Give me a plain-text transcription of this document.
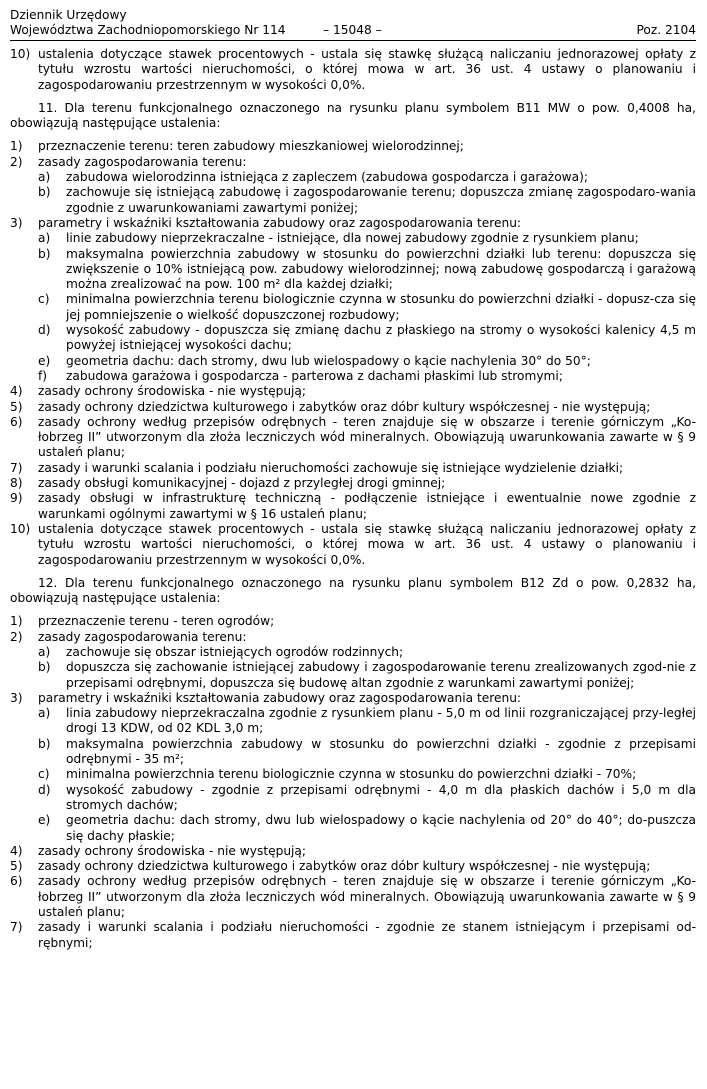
Dziennik Urzędowy
Województwa Zachodniopomorskiego Nr 114	– 15048 –	Poz. 2104
10) ustalenia dotyczące stawek procentowych - ustala się stawkę służącą naliczaniu jednorazowej opłaty z tytułu wzrostu wartości nieruchomości, o której mowa w art. 36 ust. 4 ustawy o planowaniu i zagospodarowaniu przestrzennym w wysokości 0,0%.
11. Dla terenu funkcjonalnego oznaczonego na rysunku planu symbolem B11 MW o pow. 0,4008 ha, obowiązują następujące ustalenia:
1)	przeznaczenie terenu: teren zabudowy mieszkaniowej wielorodzinnej;
2)	zasady zagospodarowania terenu:
a)	zabudowa wielorodzinna istniejąca z zapleczem (zabudowa gospodarcza i garażowa);
b)	zachowuje się istniejącą zabudowę i zagospodarowanie terenu; dopuszcza zmianę zagospodaro-wania zgodnie z uwarunkowaniami zawartymi poniżej;
3)	parametry i wskaźniki kształtowania zabudowy oraz zagospodarowania terenu:
a)	linie zabudowy nieprzekraczalne - istniejące, dla nowej zabudowy zgodnie z rysunkiem planu;
b)	maksymalna powierzchnia zabudowy w stosunku do powierzchni działki lub terenu: dopuszcza się zwiększenie o 10% istniejącą pow. zabudowy wielorodzinnej; nową zabudowę gospodarczą i garażową można zrealizować na pow. 100 m² dla każdej działki;
c)	minimalna powierzchnia terenu biologicznie czynna w stosunku do powierzchni działki - dopusz-cza się jej pomniejszenie o wielkość dopuszczonej rozbudowy;
d)	wysokość zabudowy - dopuszcza się zmianę dachu z płaskiego na stromy o wysokości kalenicy 4,5 m powyżej istniejącej wysokości dachu;
e)	geometria dachu: dach stromy, dwu lub wielospadowy o kącie nachylenia 30° do 50°;
f)	zabudowa garażowa i gospodarcza - parterowa z dachami płaskimi lub stromymi;
4)	zasady ochrony środowiska - nie występują;
5)	zasady ochrony dziedzictwa kulturowego i zabytków oraz dóbr kultury współczesnej - nie występują;
6)	zasady ochrony według przepisów odrębnych - teren znajduje się w obszarze i terenie górniczym „Ko-łobrzeg II” utworzonym dla złoża leczniczych wód mineralnych. Obowiązują uwarunkowania zawarte w § 9 ustaleń planu;
7)	zasady i warunki scalania i podziału nieruchomości zachowuje się istniejące wydzielenie działki;
8)	zasady obsługi komunikacyjnej - dojazd z przyległej drogi gminnej;
9)	zasady obsługi w infrastrukturę techniczną - podłączenie istniejące i ewentualnie nowe zgodnie z warunkami ogólnymi zawartymi w § 16 ustaleń planu;
10) ustalenia dotyczące stawek procentowych - ustala się stawkę służącą naliczaniu jednorazowej opłaty z tytułu wzrostu wartości nieruchomości, o której mowa w art. 36 ust. 4 ustawy o planowaniu i zagospodarowaniu przestrzennym w wysokości 0,0%.
12. Dla terenu funkcjonalnego oznaczonego na rysunku planu symbolem B12 Zd o pow. 0,2832 ha, obowiązują następujące ustalenia:
1)	przeznaczenie terenu - teren ogrodów;
2)	zasady zagospodarowania terenu:
a)	zachowuje się obszar istniejących ogrodów rodzinnych;
b)	dopuszcza się zachowanie istniejącej zabudowy i zagospodarowanie terenu zrealizowanych zgod-nie z przepisami odrębnymi, dopuszcza się budowę altan zgodnie z warunkami zawartymi poniżej;
3)	parametry i wskaźniki kształtowania zabudowy oraz zagospodarowania terenu:
a)	linia zabudowy nieprzekraczalna zgodnie z rysunkiem planu - 5,0 m od linii rozgraniczającej przy-ległej drogi 13 KDW, od 02 KDL 3,0 m;
b)	maksymalna powierzchnia zabudowy w stosunku do powierzchni działki - zgodnie z przepisami odrębnymi - 35 m²;
c)	minimalna powierzchnia terenu biologicznie czynna w stosunku do powierzchni działki - 70%;
d)	wysokość zabudowy - zgodnie z przepisami odrębnymi - 4,0 m dla płaskich dachów i 5,0 m dla stromych dachów;
e)	geometria dachu: dach stromy, dwu lub wielospadowy o kącie nachylenia od 20° do 40°; do-puszcza się dachy płaskie;
4)	zasady ochrony środowiska - nie występują;
5)	zasady ochrony dziedzictwa kulturowego i zabytków oraz dóbr kultury współczesnej - nie występują;
6)	zasady ochrony według przepisów odrębnych - teren znajduje się w obszarze i terenie górniczym „Ko-łobrzeg II” utworzonym dla złoża leczniczych wód mineralnych. Obowiązują uwarunkowania zawarte w § 9 ustaleń planu;
7)	zasady i warunki scalania i podziału nieruchomości - zgodnie ze stanem istniejącym i przepisami od-rębnymi;
